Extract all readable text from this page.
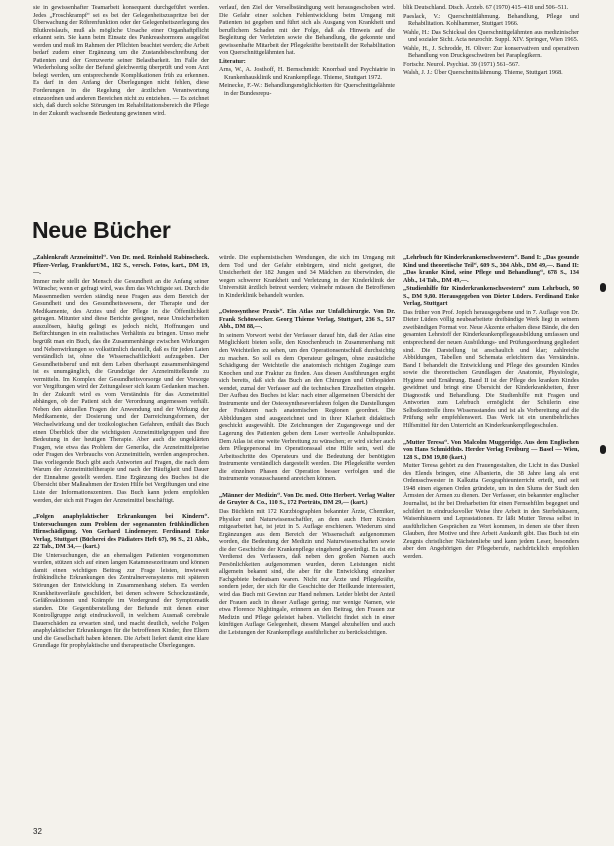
sie in gewissenhafter Teamarbeit konsequent durchgeführt werden. Jedes „Froschkrampf“ sei es bei der Gelegenheitszuspritze bei der Überwachung der Röhrenfunktion oder der Gelegenheitszerlegung des Blutkreislaufs, muß als mögliche Ursache einer Organhaftpflicht erkannt sein. Sie kann beim Einsatz des Pankreashormons ausgelöst werden und muß im Rahmen der Pflichten beachtet werden; die Arbeit bedarf zudem einer Ergänzung um die Zustandsbeschreibung der Patienten und der Grenzwerte seiner Belastbarkeit. Im Falle der Wiederholung sollte der Befund gleichwertig überprüft und vom Arzt belegt werden, um entsprechende Komplikationen früh zu erkennen. Es darf in den Anfang der Überlegungen nicht fehlen, diese Forderungen in die Regelung der ärztlichen Verantwortung einzuordnen und anderen Bereichen nicht zu entziehen. — Es zeichnet sich, daß durch solche Störungen im Rehabilitationsbereich die Pflege in der Zukunft wachsende Bedeutung gewinnen wird.

verlauf, den Ziel der Verselbständigung weit herausgeschoben wird. Die Gefahr einer solchen Fehlentwicklung beim Umgang mit Patienten ist gegeben und führt sich als Ausgang von Krankheit und beruflichem Schaden mit der Folge, daß als Hinweis auf die Begleitung der Verletzten sowie die Behandlung, die gekonnte und gewissenhafte Mitarbeit der Pflegekräfte bereitstellt der Rehabilitation von Querschnittgelähmten hat.

Literatur:

Arns, W., A. Josthoff, H. Bernschmidt: Knorrbad und Psychiatrie in Krankenhausklinik und Krankenpflege. Thieme, Stuttgart 1972.

Meinecke, F.-W.: Behandlungsmöglichkeiten für Querschnittgelähmte in der Bundesrepu-

blik Deutschland. Dtsch. Ärzteb. 67 (1970) 415–418 und 506–511.

Paeslack, V.: Querschnittlähmung. Behandlung, Pflege und Rehabilitation. Kohlhammer, Stuttgart 1966.

Wahle, H.: Das Schicksal des Querschnittgelähmten aus medizinischer und sozialer Sicht. Acta neurochir. Suppl. XIV. Springer, Wien 1965.

Wahle, H., J. Schrodde, H. Oliver: Zur konservativen und operativen Behandlung von Druckgeschwüren bei Paraplegikern.

Fortschr. Neurol. Psychiat. 39 (1971) 561–567.

Walsh, J. J.: Über Querschnittslähmung. Thieme, Stuttgart 1968.

Neue Bücher

„Zahlenkraft Arzneimittel“. Von Dr. med. Reinhold Rabinscheck. Pfizer-Verlag, Frankfurt/M., 182 S., versch. Fotos, kart., DM 19,—.

Immer mehr stellt der Mensch die Gesundheit an die Anfang seiner Wünsche; wenn er gefragt wird, was ihm das Wichtigste sei. Durch die Massenmedien werden ständig neue Fragen aus dem Bereich der Gesundheit und des Gesundheitswesens, der Therapie und der Medikamente, des Arztes und der Pflege in die Öffentlichkeit getragen. Mitunter sind diese Berichte geeignet, neue Unsicherheiten auszulösen, häufig gelingt es jedoch nicht, Hoffnungen und Befürchtungen in ein realistisches Verhältnis zu bringen. Umso mehr begrüßt man ein Buch, das die Zusammenhänge zwischen Wirkungen und Nebenwirkungen so volkstümlich darstellt, daß es für jeden Laien verständlich ist, ohne die Wissenschaftlichkeit aufzugeben. Der Gesundheitsberuf und mit dem Leben überhaupt zusammenhängend ist es unumgänglich, die Grundzüge der Arzneimittelkunde zu vermitteln. Im Komplex der Gesundheitsvorsorge und der Vorsorge vor Vergiftungen wird der Zeitungsleser sich kaum Gedanken machen. In der Zukunft wird es vom Verständnis für das Arzneimittel abhängen, ob der Patient sich der Verordnung angemessen verhält. Neben den aktuellen Fragen der Anwendung und der Wirkung der Medikamente, der Dosierung und der Darreichungsformen, der Wechselwirkung und der toxikologischen Gefahren, enthält das Buch einen Überblick über die wichtigsten Arzneimittelgruppen und ihre Bedeutung in der heutigen Therapie. Aber auch die ungeklärten Fragen, wie etwa das Problem der Generika, die Arzneimittelpreise oder Fragen des Verbrauchs von Arzneimitteln, werden angesprochen. Das vorliegende Buch gibt auch Antworten auf Fragen, die nach dem Warum der Arzneimitteltherapie und nach der Häufigkeit und Dauer der Einnahme gestellt werden. Eine Ergänzung des Buches ist die Übersicht über Maßnahmen der Ersten Hilfe bei Vergiftungen und eine Liste der Informationszentren. Das Buch kann jedem empfohlen werden, der sich mit Fragen der Arzneimittel beschäftigt.

„Folgen anaphylaktischer Erkrankungen bei Kindern“. Untersuchungen zum Problem der sogenannten frühkindlichen Hirnschädigung. Von Gerhard Lindemeyer. Ferdinand Enke Verlag, Stuttgart (Bücherei des Pädiaters Heft 67), 96 S., 21 Abb., 22 Tab., DM 34,— (kart.)

Die Untersuchungen, die an ehemaligen Patienten vorgenommen wurden, stützen sich auf einen langen Katamnesezeitraum und können damit einen wichtigen Beitrag zur Frage leisten, inwieweit frühkindliche Erkrankungen des Zentralnervensystems mit späteren Störungen der Entwicklung in Zusammenhang stehen. Es werden Krankheitsverläufe geschildert, bei denen schwere Schockzustände, Gefäßreaktionen und Krämpfe im Vordergrund der Symptomatik standen. Die Gegenüberstellung der Befunde mit denen einer Kontrollgruppe zeigt eindrucksvoll, in welchem Ausmaß cerebrale Dauerschäden zu erwarten sind, und macht deutlich, welche Folgen anaphylaktischer Erkrankungen für die betroffenen Kinder, ihre Eltern und die Gesellschaft haben können. Die Arbeit liefert damit eine klare Grundlage für prophylaktische und therapeutische Überlegungen.

würde. Die euphemistischen Wendungen, die sich im Umgang mit dem Tod und der Gefahr einbürgern, sind nicht geeignet, die Unsicherheit der 182 Jungen und 34 Mädchen zu überwinden, die wegen schwerer Krankheit und Verletzung in der Kinderklinik der Universität ärztlich betreut werden; vielmehr müssen die Betroffenen in Kinderklinik behandelt wurden.

„Osteosynthese Praxis“. Ein Atlas zur Unfallchirurgie. Von Dr. Frank Schönwecker. Georg Thieme Verlag, Stuttgart, 236 S., 517 Abb., DM 88,—.

In seinem Vorwort weist der Verfasser darauf hin, daß der Atlas eine Möglichkeit bieten solle, den Knochenbruch in Zusammenhang mit den Weichteilen zu sehen, um den Operationsentschluß durchsichtig zu machen. So soll es dem Operateur gelingen, ohne zusätzliche Schädigung der Weichteile die anatomisch richtigen Zugänge zum Knochen und zur Fraktur zu finden. Aus diesen Ausführungen ergibt sich bereits, daß sich das Buch an den Chirurgen und Orthopäden wendet, zumal der Verfasser auf die technischen Einzelheiten eingeht. Der Aufbau des Buches ist klar: nach einer allgemeinen Übersicht der Instrumente und der Osteosyntheseverfahren folgen die Darstellungen der Frakturen nach anatomischen Regionen geordnet. Die Abbildungen sind ausgezeichnet und in ihrer Klarheit didaktisch geschickt ausgewählt. Die Zeichnungen der Zugangswege und der Lagerung des Patienten geben dem Leser wertvolle Anhaltspunkte. Dem Atlas ist eine weite Verbreitung zu wünschen; er wird sicher auch dem Pflegepersonal im Operationssaal eine Hilfe sein, weil die Arbeitsschritte des Operateurs und die Bedeutung der benötigten Instrumente verständlich dargestellt werden. Die Pflegekräfte werden die einzelnen Phasen der Operation besser verfolgen und die Instrumente vorausschauend anreichen können.

„Männer der Medizin“. Von Dr. med. Otto Herbert. Verlag Walter de Gruyter & Co., 110 S., 172 Porträts, DM 29,— (kart.)

Das Büchlein mit 172 Kurzbiographien bekannter Ärzte, Chemiker, Physiker und Naturwissenschaftler, an dem auch Herr Kirsten mitgearbeitet hat, ist jetzt in 5. Auflage erschienen. Wiederum sind Ergänzungen aus dem Bereich der Wissenschaft aufgenommen worden, die Bedeutung der Medizin und Naturwissenschaften sowie die der Geschichte der Krankenpflege eingehend gewürdigt. Es ist ein Verdienst des Verfassers, daß neben den großen Namen auch Persönlichkeiten aufgenommen wurden, deren Leistungen nicht allgemein bekannt sind, die aber für die Entwicklung einzelner Fachgebiete bedeutsam waren. Nicht nur Ärzte und Pflegekräfte, sondern jeder, der sich für die Geschichte der Heilkunde interessiert, wird das Buch mit Gewinn zur Hand nehmen. Leider bleibt der Anteil der Frauen auch in dieser Auflage gering; nur wenige Namen, wie etwa Florence Nightingale, erinnern an den Beitrag, den Frauen zur Medizin und Pflege geleistet haben. Vielleicht findet sich in einer künftigen Auflage Gelegenheit, diesem Mangel abzuhelfen und auch die Leistungen der Krankenpflege ausführlicher zu berücksichtigen.

„Lehrbuch für Kinderkrankenschwestern“. Band I: „Das gesunde Kind und theoretische Teil“, 609 S., 304 Abb., DM 49,—. Band II: „Das kranke Kind, seine Pflege und Behandlung“, 678 S., 134 Abb., 14 Tab., DM 49,—.

„Studienhilfe für Kinderkrankenschwestern“ zum Lehrbuch, 90 S., DM 9,80. Herausgegeben von Dieter Lüders. Ferdinand Enke Verlag, Stuttgart

Das früher von Prof. Jopich herausgegebene und in 7. Auflage von Dr. Dieter Lüders völlig neubearbeitete dreibändige Werk liegt in seinem zweibändigen Format vor. Neue Akzente erhalten diese Bände, die den gesamten Lehrstoff der Kinderkrankenpflegeausbildung umfassen und entsprechend der neuen Ausbildungs- und Prüfungsordnung gegliedert sind. Die Darstellung ist anschaulich und klar; zahlreiche Abbildungen, Tabellen und Schemata erleichtern das Verständnis. Band I behandelt die Entwicklung und Pflege des gesunden Kindes sowie die theoretischen Grundlagen der Anatomie, Physiologie, Hygiene und Ernährung. Band II ist der Pflege des kranken Kindes gewidmet und bringt eine Übersicht der Kinderkrankheiten, ihrer Diagnostik und Behandlung. Die Studienhilfe mit Fragen und Antworten zum Lehrbuch ermöglicht der Schülerin eine Selbstkontrolle ihres Wissensstandes und ist als Vorbereitung auf die Prüfung sehr empfehlenswert. Das Werk ist ein unentbehrliches Hilfsmittel für den Unterricht an Kinderkrankenpflegeschulen.

„Mutter Teresa“. Von Malcolm Muggeridge. Aus dem Englischen von Hans Schmidthüs. Herder Verlag Freiburg — Basel — Wien, 128 S., DM 19,80 (kart.)

Mutter Teresa gehört zu den Frauengestalten, die Licht in das Dunkel des Elends bringen, eine Albanierin, die 38 Jahre lang als erst Ordensschwester in Kalkutta Geographieunterricht erteilt, und seit 1948 einen eigenen Orden gründete, um in den Slums der Stadt den Ärmsten der Armen zu dienen. Der Verfasser, ein bekannter englischer Journalist, ist ihr bei Dreharbeiten für einen Fernsehfilm begegnet und schildert in eindrucksvoller Weise ihre Arbeit in den Sterbehäusern, Waisenhäusern und Leprastationen. Er läßt Mutter Teresa selbst in ausführlichen Gesprächen zu Wort kommen, in denen sie über ihren Glauben, ihre Motive und ihre Arbeit Auskunft gibt. Das Buch ist ein Zeugnis christlicher Nächstenliebe und kann jedem Leser, besonders aber den Angehörigen der Pflegeberufe, nachdrücklich empfohlen werden.

32
